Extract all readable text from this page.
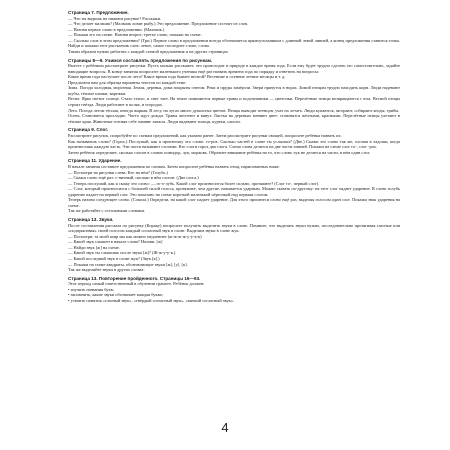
Страница 7. Предложение.

— Что ты видишь на нижнем рисунке? Расскажи.

— Что делает мальчик? (Мальчик ловит рыбу.) Это предложение. Предложение состоит из слов.

— Назови первое слово в предложении. (Мальчик.)

— Покажи его на схеме. Назови второе, третье слово, покажи на схеме.

— Сколько слов в этом предложении? (Три.) Первое слово в предложении всегда обозначается прямоугольником с длинной левой линией, а конец предложения ставится точка. Найди и покажи этот рассказчик слов: левое, самое последнее слово, слова.

Таким образом нужно работать с каждой схемой предложения и на других страницах.

Страницы 8—9. Учимся составлять предложения по рисункам.

Вместе с ребёнком рассмотрите рисунки. Пусть малыш расскажет, что происходит в природе в каждое время года. Если ему будет трудно сделать это самостоятельно, задайте наводящие вопросы. В конце занятия попросите маленького ученика ещё раз назвать времена года по порядку и ответить на вопросы:

Какое время года наступает после лета? Какое время года бывает весной? Весенние и осенние летние месяцы и т. д.

Предлагаем вам для образца варианты текстов по каждой теме.

Зима. Погода холодная, морозная. Земля, деревья, дома покрыты снегом. Реки и пруды замёрзли. Звери прячутся в норах. Зимой птицам трудно находить корм. Люди надевают шубы, тёплые шапки, варежки.

Весна. Ярко светит солнце. Стало тепло, и снег тает. На земле появляются первые травы и подснежники — цветочки. Перелётные птицы возвращаются с юга. Весной птицы строят гнёзда. Люди работают в полях, в огородах.

Лето. Погода летом тёплая, иногда жаркая. В лесу, на лугах много душистых цветов. Птицы выводят птенцов, учат их летать. Люди купаются, загорают, собирают ягоды, грибы.

Осень. Становится прохладно. Часто идут дожди. Травы желтеют и вянут. Листья на деревьях меняют цвет: становятся жёлтыми, красными. Перелётные птицы улетают в тёплые края. Животные готовят себе зимние запасы. Люди надевают плащи, куртки, сапоги.

Страница 9. Слог.

Рассмотрите рисунок, попробуйте по схемам предложений, как указано ранее. Затем рассмотрите рисунки овощей, попросите ребёнка назвать их.

Как называешь слово? (Горох.) Послушай, как я произношу это слово: го-рох. Сколько частей в слове ты услышал? (Две.) Скажи это слово так же, хлопая в ладоши, когда произносишь каждую часть. Эти части называют слогами. Кто слоги горох два слога. Схема слова делится на две части линией. Покажи на схеме слог го-, слог -рох.

Затем ребёнок определяет, сколько слогов в словах помидор, лук, морковь. Обратите внимание ребёнка на то, что слово лук не делится на части, в нём один слог.

Страница 11. Ударение.

В начале занятия составьте предложения по схемам. Затем попросите ребёнка назвать птиц, нарисованных ниже.

— Посмотри на рисунки слева. Кто на нём? (Голубь.)

— Скажи слово ещё раз: с-ничный, сколько в нём слогов. (Два слога.)

— Теперь послушай, как я скажу это слово: — го-о-лубь. Какой слог произносится более сильно, протяжнее? (Слог го-, первый слог).

— Слог, который произносится с большей силой голоса, протяжнее, чем другие, называется ударным. Можно сказать по-другому: на этот слог падает ударение. В слове голубь ударение падает на первый слог. Это показано на схеме короткой маленькой чёрточкой над первым слогом.

Теперь назови следующее слово. (Сокола.) Определи, на какой слог падает ударение. Для этого произнеси слово ещё раз, выделяя голосом один слог. Покажи знак ударения на схеме.

Так же работайте с остальными словами.

Страница 13. Звуки.

После составления рассказа по рисунку (Кораку) попросите получить выделить звуки в слове. Помните, что выделять звуки нужно, последовательно протягивая гласные или «подпрыгивая» своей голосом каждый согласный звук в слове. Выделим звуки в слове жук.

— Посмотри: за моей ковр мы как можно медленнее (ж-ж-ж-ж-у-у-к-к)

— Какой звук слышен в начале слова? Назови. [ж]

— Найди звук [ж] на схеме.

— Какой звук ты слышишь после звука [ж]? (Ж-ж-у-у-к.)

— Какой последний звук в слове жук? (Звук [к].)

— Покажи на схеме квадраты, обозначающие звуки [ж], [у], [к].

Так же выделяйте звуки в других словах.

Страница 13. Повторение пройденного. Страницы 16—93.

Этот период самый ответственный в обучении грамоте. Ребёнок должен:

• изучить названия букв;

• запомнить, какие звуки обозначает каждая буква;

• усвоить понятия «гласный звук», «твёрдый согласный звук», «мягкий согласный звук».

4
